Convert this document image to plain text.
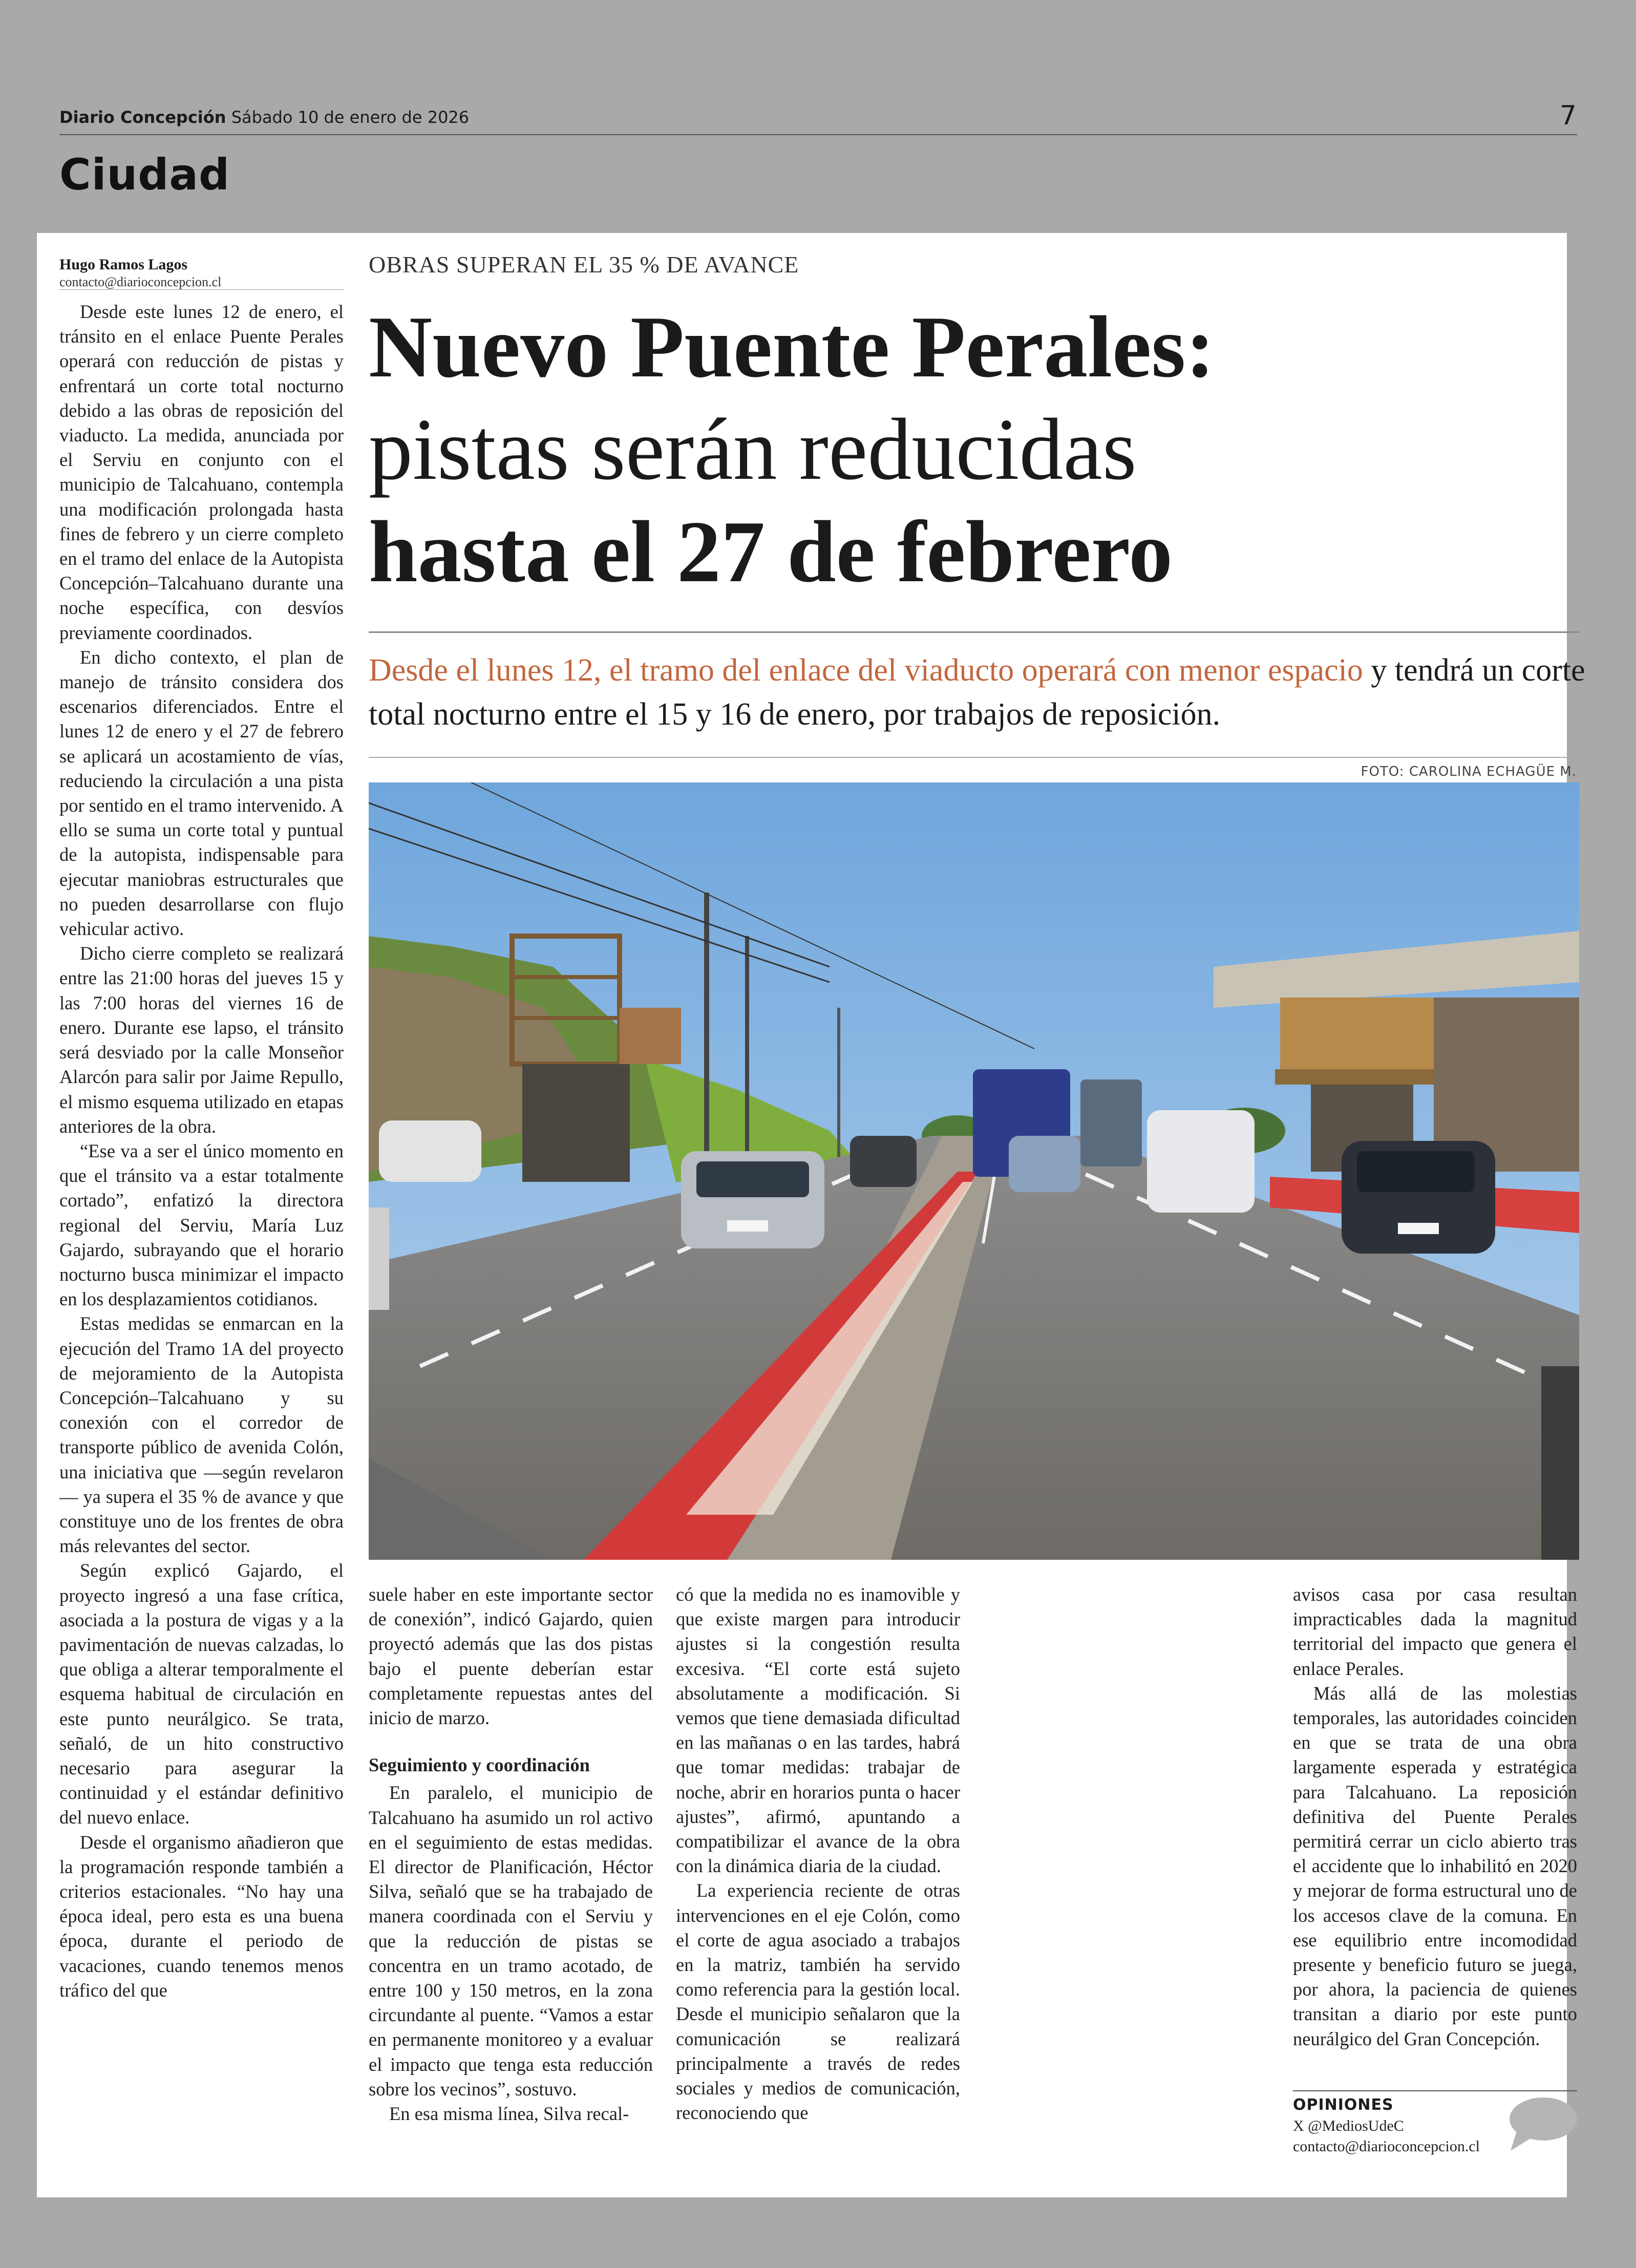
Diario Concepción Sábado 10 de enero de 2026	7
Ciudad
Hugo Ramos Lagos
contacto@diarioconcepcion.cl
OBRAS SUPERAN EL 35 % DE AVANCE
Nuevo Puente Perales:
pistas serán reducidas
hasta el 27 de febrero
Desde el lunes 12, el tramo del enlace del viaducto operará con menor espacio y tendrá un corte total nocturno entre el 15 y 16 de enero, por trabajos de reposición.
FOTO: CAROLINA ECHAGÜE M.

Desde este lunes 12 de enero, el tránsito en el enlace Puente Perales operará con reducción de pistas y enfrentará un corte total nocturno debido a las obras de reposición del viaducto. La medida, anunciada por el Serviu en conjunto con el municipio de Talcahuano, contempla una modificación prolongada hasta fines de febrero y un cierre completo en el tramo del enlace de la Autopista Concepción–Talcahuano durante una noche específica, con desvíos previamente coordinados.

En dicho contexto, el plan de manejo de tránsito considera dos escenarios diferenciados. Entre el lunes 12 de enero y el 27 de febrero se aplicará un acostamiento de vías, reduciendo la circulación a una pista por sentido en el tramo intervenido. A ello se suma un corte total y puntual de la autopista, indispensable para ejecutar maniobras estructurales que no pueden desarrollarse con flujo vehicular activo.

Dicho cierre completo se realizará entre las 21:00 horas del jueves 15 y las 7:00 horas del viernes 16 de enero. Durante ese lapso, el tránsito será desviado por la calle Monseñor Alarcón para salir por Jaime Repullo, el mismo esquema utilizado en etapas anteriores de la obra.

“Ese va a ser el único momento en que el tránsito va a estar totalmente cortado”, enfatizó la directora regional del Serviu, María Luz Gajardo, subrayando que el horario nocturno busca minimizar el impacto en los desplazamientos cotidianos.

Estas medidas se enmarcan en la ejecución del Tramo 1A del proyecto de mejoramiento de la Autopista Concepción–Talcahuano y su conexión con el corredor de transporte público de avenida Colón, una iniciativa que —según revelaron— ya supera el 35 % de avance y que constituye uno de los frentes de obra más relevantes del sector.

Según explicó Gajardo, el proyecto ingresó a una fase crítica, asociada a la postura de vigas y a la pavimentación de nuevas calzadas, lo que obliga a alterar temporalmente el esquema habitual de circulación en este punto neurálgico. Se trata, señaló, de un hito constructivo necesario para asegurar la continuidad y el estándar definitivo del nuevo enlace.

Desde el organismo añadieron que la programación responde también a criterios estacionales. “No hay una época ideal, pero esta es una buena época, durante el periodo de vacaciones, cuando tenemos menos tráfico del que

suele haber en este importante sector de conexión”, indicó Gajardo, quien proyectó además que las dos pistas bajo el puente deberían estar completamente repuestas antes del inicio de marzo.

Seguimiento y coordinación

En paralelo, el municipio de Talcahuano ha asumido un rol activo en el seguimiento de estas medidas. El director de Planificación, Héctor Silva, señaló que se ha trabajado de manera coordinada con el Serviu y que la reducción de pistas se concentra en un tramo acotado, de entre 100 y 150 metros, en la zona circundante al puente. “Vamos a estar en permanente monitoreo y a evaluar el impacto que tenga esta reducción sobre los vecinos”, sostuvo.

En esa misma línea, Silva recal-

có que la medida no es inamovible y que existe margen para introducir ajustes si la congestión resulta excesiva. “El corte está sujeto absolutamente a modificación. Si vemos que tiene demasiada dificultad en las mañanas o en las tardes, habrá que tomar medidas: trabajar de noche, abrir en horarios punta o hacer ajustes”, afirmó, apuntando a compatibilizar el avance de la obra con la dinámica diaria de la ciudad.

La experiencia reciente de otras intervenciones en el eje Colón, como el corte de agua asociado a trabajos en la matriz, también ha servido como referencia para la gestión local. Desde el municipio señalaron que la comunicación se realizará principalmente a través de redes sociales y medios de comunicación, reconociendo que

avisos casa por casa resultan impracticables dada la magnitud territorial del impacto que genera el enlace Perales.

Más allá de las molestias temporales, las autoridades coinciden en que se trata de una obra largamente esperada y estratégica para Talcahuano. La reposición definitiva del Puente Perales permitirá cerrar un ciclo abierto tras el accidente que lo inhabilitó en 2020 y mejorar de forma estructural uno de los accesos clave de la comuna. En ese equilibrio entre incomodidad presente y beneficio futuro se juega, por ahora, la paciencia de quienes transitan a diario por este punto neurálgico del Gran Concepción.

OPINIONES
X @MediosUdeC
contacto@diarioconcepcion.cl
